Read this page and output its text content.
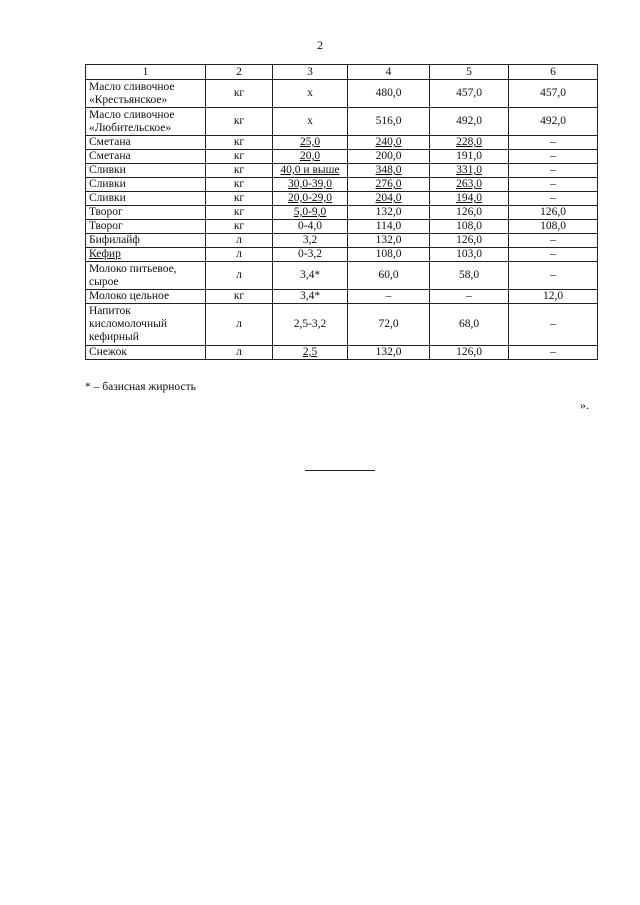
2
1	2	3	4	5	6
Масло сливочное «Крестьянское»	кг	х	480,0	457,0	457,0
Масло сливочное «Любительское»	кг	х	516,0	492,0	492,0
Сметана	кг	25,0	240,0	228,0	–
Сметана	кг	20,0	200,0	191,0	–
Сливки	кг	40,0 и выше	348,0	331,0	–
Сливки	кг	30,0-39,0	276,0	263,0	–
Сливки	кг	20,0-29,0	204,0	194,0	–
Творог	кг	5,0-9,0	132,0	126,0	126,0
Творог	кг	0-4,0	114,0	108,0	108,0
Бифилайф	л	3,2	132,0	126,0	–
Кефир	л	0-3,2	108,0	103,0	–
Молоко питьевое, сырое	л	3,4*	60,0	58,0	–
Молоко цельное	кг	3,4*	–	–	12,0
Напиток кисломолочный кефирный	л	2,5-3,2	72,0	68,0	–
Снежок	л	2,5	132,0	126,0	–
* – базисная жирность
».
